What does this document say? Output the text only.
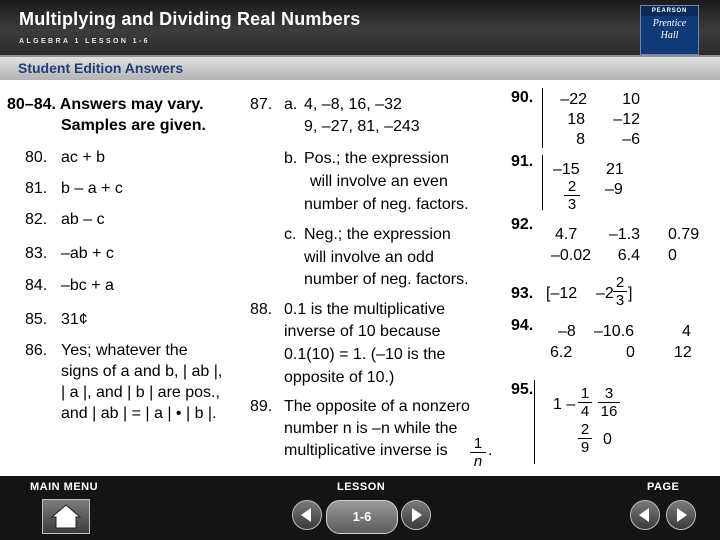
Multiplying and Dividing Real Numbers
ALGEBRA 1 LESSON 1-6
PEARSON
Prentice
Hall
Student Edition Answers
80–84. Answers may vary.
Samples are given.
80. ac + b
81. b – a + c
82. ab – c
83. –ab + c
84. –bc + a
85. 31¢
86. Yes; whatever the
signs of a and b, | ab |,
| a |, and | b | are pos.,
and | ab | = | a | • | b |.
87. a. 4, –8, 16, –32
9, –27, 81, –243
b. Pos.; the expression
will involve an even
number of neg. factors.
c. Neg.; the expression
will involve an odd
number of neg. factors.
88. 0.1 is the multiplicative
inverse of 10 because
0.1(10) = 1. (–10 is the
opposite of 10.)
89. The opposite of a nonzero
number n is –n while the
multiplicative inverse is $\frac{1}{n}$ .
90.	–22	10
18	–12
8	–6
91. –15 21
$\frac{2}{3} -9$
92.
4.7	–1.3 0.79
–0.02	6.4 0
93. [–12 $-2 \frac{2}{3}$ ]
94. –8 –10.6	4
6.2	0 12
95.
$1 - \frac{1}{4} \frac{3}{16}$
$\frac{2}{9} 0$
MAIN MENU	LESSON	PAGE
1-6
